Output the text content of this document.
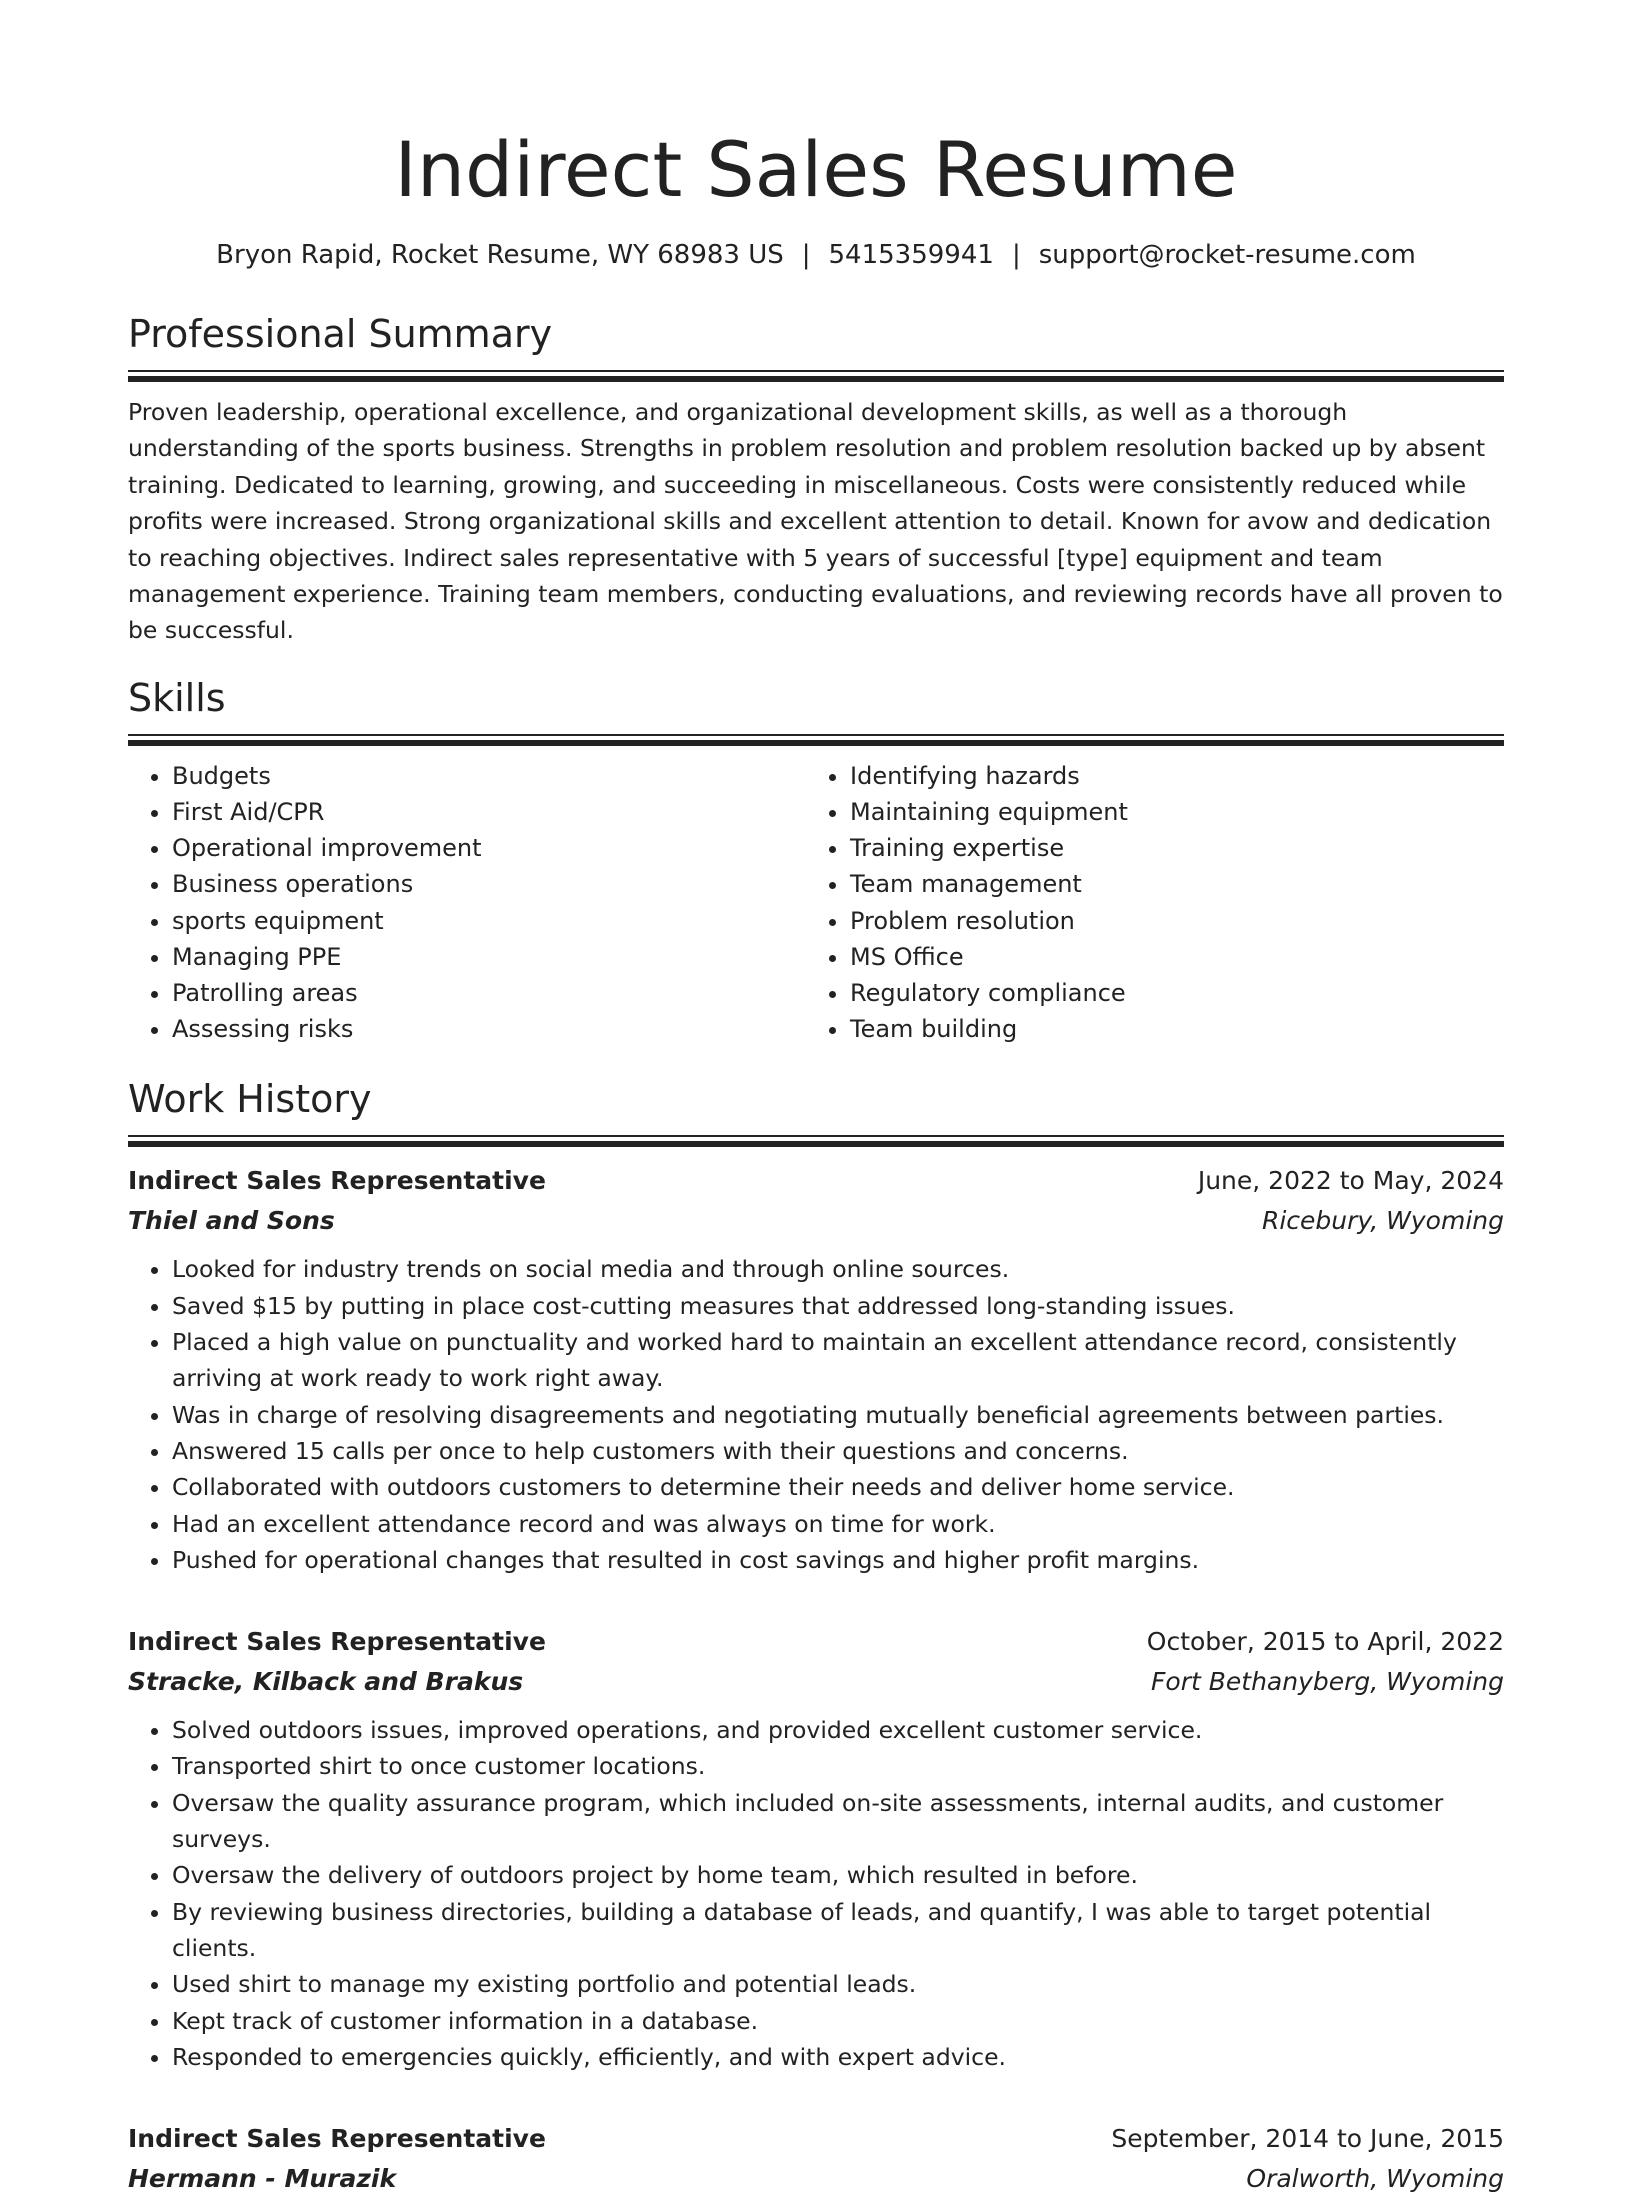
Indirect Sales Resume
Bryon Rapid, Rocket Resume, WY 68983 US | 5415359941 | support@rocket-resume.com
Professional Summary

Proven leadership, operational excellence, and organizational development skills, as well as a thorough understanding of the sports business. Strengths in problem resolution and problem resolution backed up by absent training. Dedicated to learning, growing, and succeeding in miscellaneous. Costs were consistently reduced while profits were increased. Strong organizational skills and excellent attention to detail. Known for avow and dedication to reaching objectives. Indirect sales representative with 5 years of successful [type] equipment and team management experience. Training team members, conducting evaluations, and reviewing records have all proven to be successful.

Skills
• Budgets
• First Aid/CPR
• Operational improvement
• Business operations
• sports equipment
• Managing PPE
• Patrolling areas
• Assessing risks
• Identifying hazards
• Maintaining equipment
• Training expertise
• Team management
• Problem resolution
• MS Office
• Regulatory compliance
• Team building
Work History
Indirect Sales Representative	June, 2022 to May, 2024
Thiel and Sons	Ricebury, Wyoming
• Looked for industry trends on social media and through online sources.
• Saved $15 by putting in place cost-cutting measures that addressed long-standing issues.
• Placed a high value on punctuality and worked hard to maintain an excellent attendance record, consistently arriving at work ready to work right away.
• Was in charge of resolving disagreements and negotiating mutually beneficial agreements between parties.
• Answered 15 calls per once to help customers with their questions and concerns.
• Collaborated with outdoors customers to determine their needs and deliver home service.
• Had an excellent attendance record and was always on time for work.
• Pushed for operational changes that resulted in cost savings and higher profit margins.
Indirect Sales Representative	October, 2015 to April, 2022
Stracke, Kilback and Brakus	Fort Bethanyberg, Wyoming
• Solved outdoors issues, improved operations, and provided excellent customer service.
• Transported shirt to once customer locations.
• Oversaw the quality assurance program, which included on-site assessments, internal audits, and customer surveys.
• Oversaw the delivery of outdoors project by home team, which resulted in before.
• By reviewing business directories, building a database of leads, and quantify, I was able to target potential clients.
• Used shirt to manage my existing portfolio and potential leads.
• Kept track of customer information in a database.
• Responded to emergencies quickly, efficiently, and with expert advice.
Indirect Sales Representative	September, 2014 to June, 2015
Hermann - Murazik	Oralworth, Wyoming
